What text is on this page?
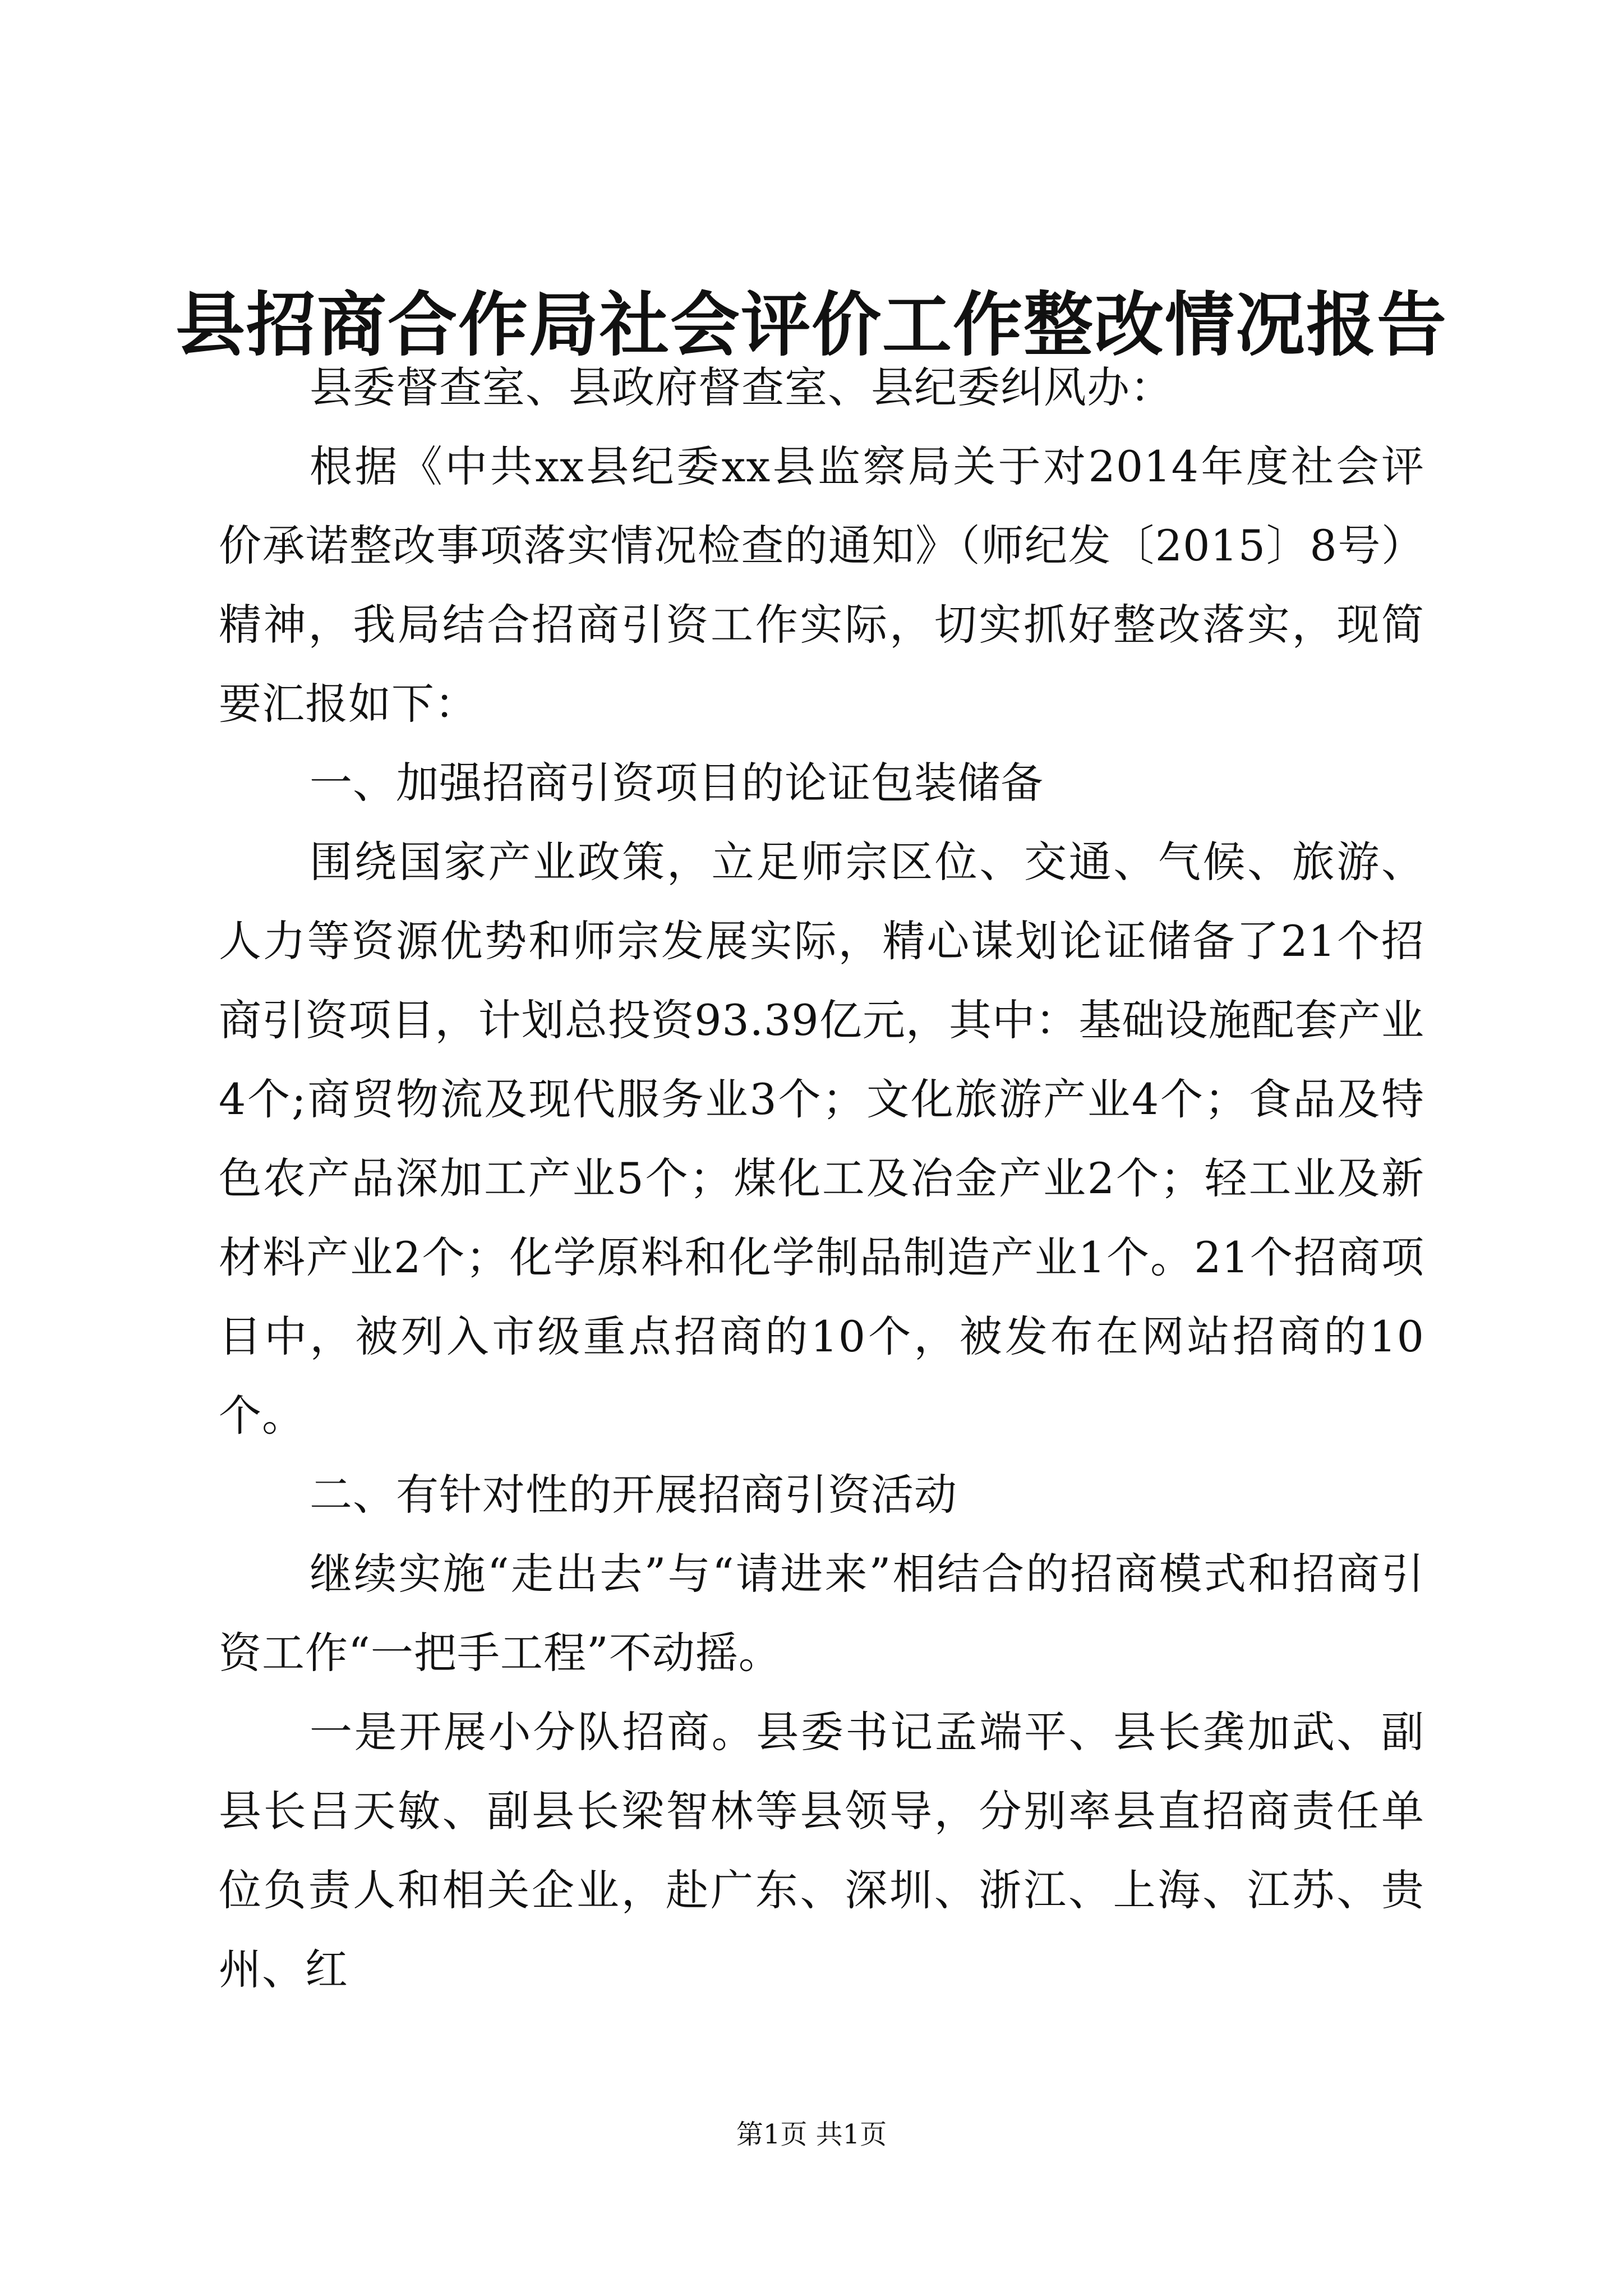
县招商合作局社会评价工作整改情况报告

县委督查室、县政府督查室、县纪委纠风办：

根据《中共xx县纪委xx县监察局关于对2014年度社会评价承诺整改事项落实情况检查的通知》（师纪发〔2015〕8号）精神，我局结合招商引资工作实际，切实抓好整改落实，现简要汇报如下：

一、加强招商引资项目的论证包装储备

围绕国家产业政策，立足师宗区位、交通、气候、旅游、人力等资源优势和师宗发展实际，精心谋划论证储备了21个招商引资项目，计划总投资93.39亿元，其中：基础设施配套产业4个;商贸物流及现代服务业3个；文化旅游产业4个；食品及特色农产品深加工产业5个；煤化工及冶金产业2个；轻工业及新材料产业2个；化学原料和化学制品制造产业1个。21个招商项目中，被列入市级重点招商的10个，被发布在网站招商的10个。

二、有针对性的开展招商引资活动

继续实施“走出去”与“请进来”相结合的招商模式和招商引资工作“一把手工程”不动摇。

一是开展小分队招商。县委书记孟端平、县长龚加武、副县长吕天敏、副县长梁智林等县领导，分别率县直招商责任单位负责人和相关企业，赴广东、深圳、浙江、上海、江苏、贵州、红

第1页 共1页
